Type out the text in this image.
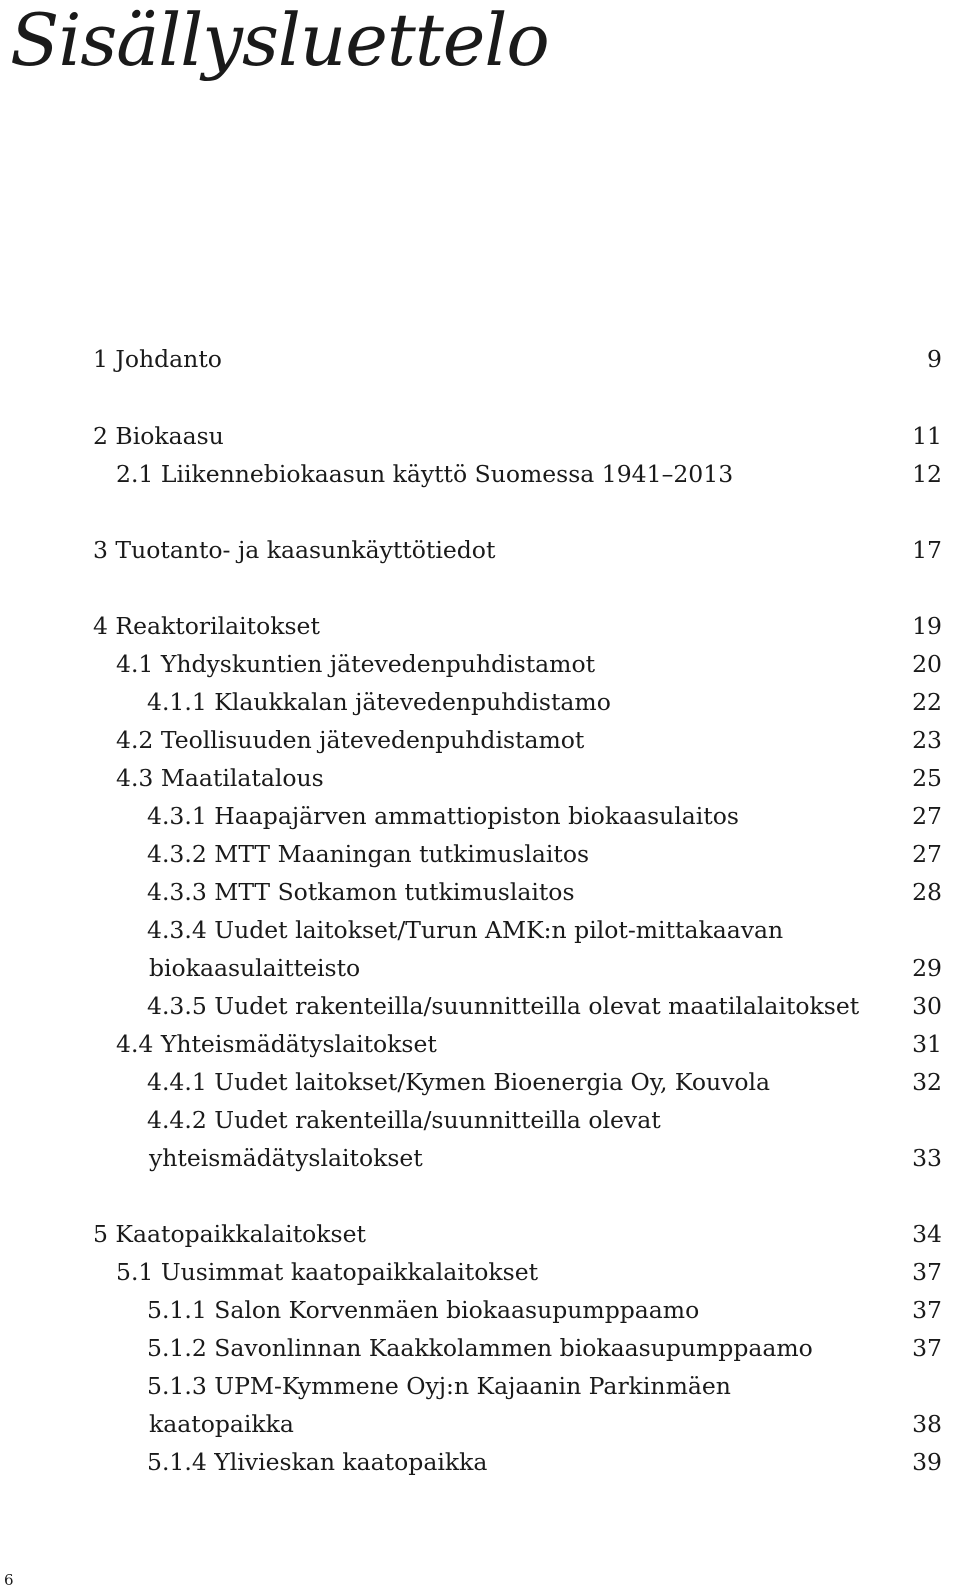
Sisällysluettelo
1 Johdanto	9
2 Biokaasu	11
2.1 Liikennebiokaasun käyttö Suomessa 1941–2013	12
3 Tuotanto- ja kaasunkäyttötiedot	17
4 Reaktorilaitokset	19
4.1 Yhdyskuntien jätevedenpuhdistamot	20
4.1.1 Klaukkalan jätevedenpuhdistamo	22
4.2 Teollisuuden jätevedenpuhdistamot	23
4.3 Maatilatalous	25
4.3.1 Haapajärven ammattiopiston biokaasulaitos	27
4.3.2 MTT Maaningan tutkimuslaitos	27
4.3.3 MTT Sotkamon tutkimuslaitos	28
4.3.4 Uudet laitokset/Turun AMK:n pilot-mittakaavan
biokaasulaitteisto	29
4.3.5 Uudet rakenteilla/suunnitteilla olevat maatilalaitokset	30
4.4 Yhteismädätyslaitokset	31
4.4.1 Uudet laitokset/Kymen Bioenergia Oy, Kouvola	32
4.4.2 Uudet rakenteilla/suunnitteilla olevat
yhteismädätyslaitokset	33
5 Kaatopaikkalaitokset	34
5.1 Uusimmat kaatopaikkalaitokset	37
5.1.1 Salon Korvenmäen biokaasupumppaamo	37
5.1.2 Savonlinnan Kaakkolammen biokaasupumppaamo	37
5.1.3 UPM-Kymmene Oyj:n Kajaanin Parkinmäen
kaatopaikka	38
5.1.4 Ylivieskan kaatopaikka	39
6
